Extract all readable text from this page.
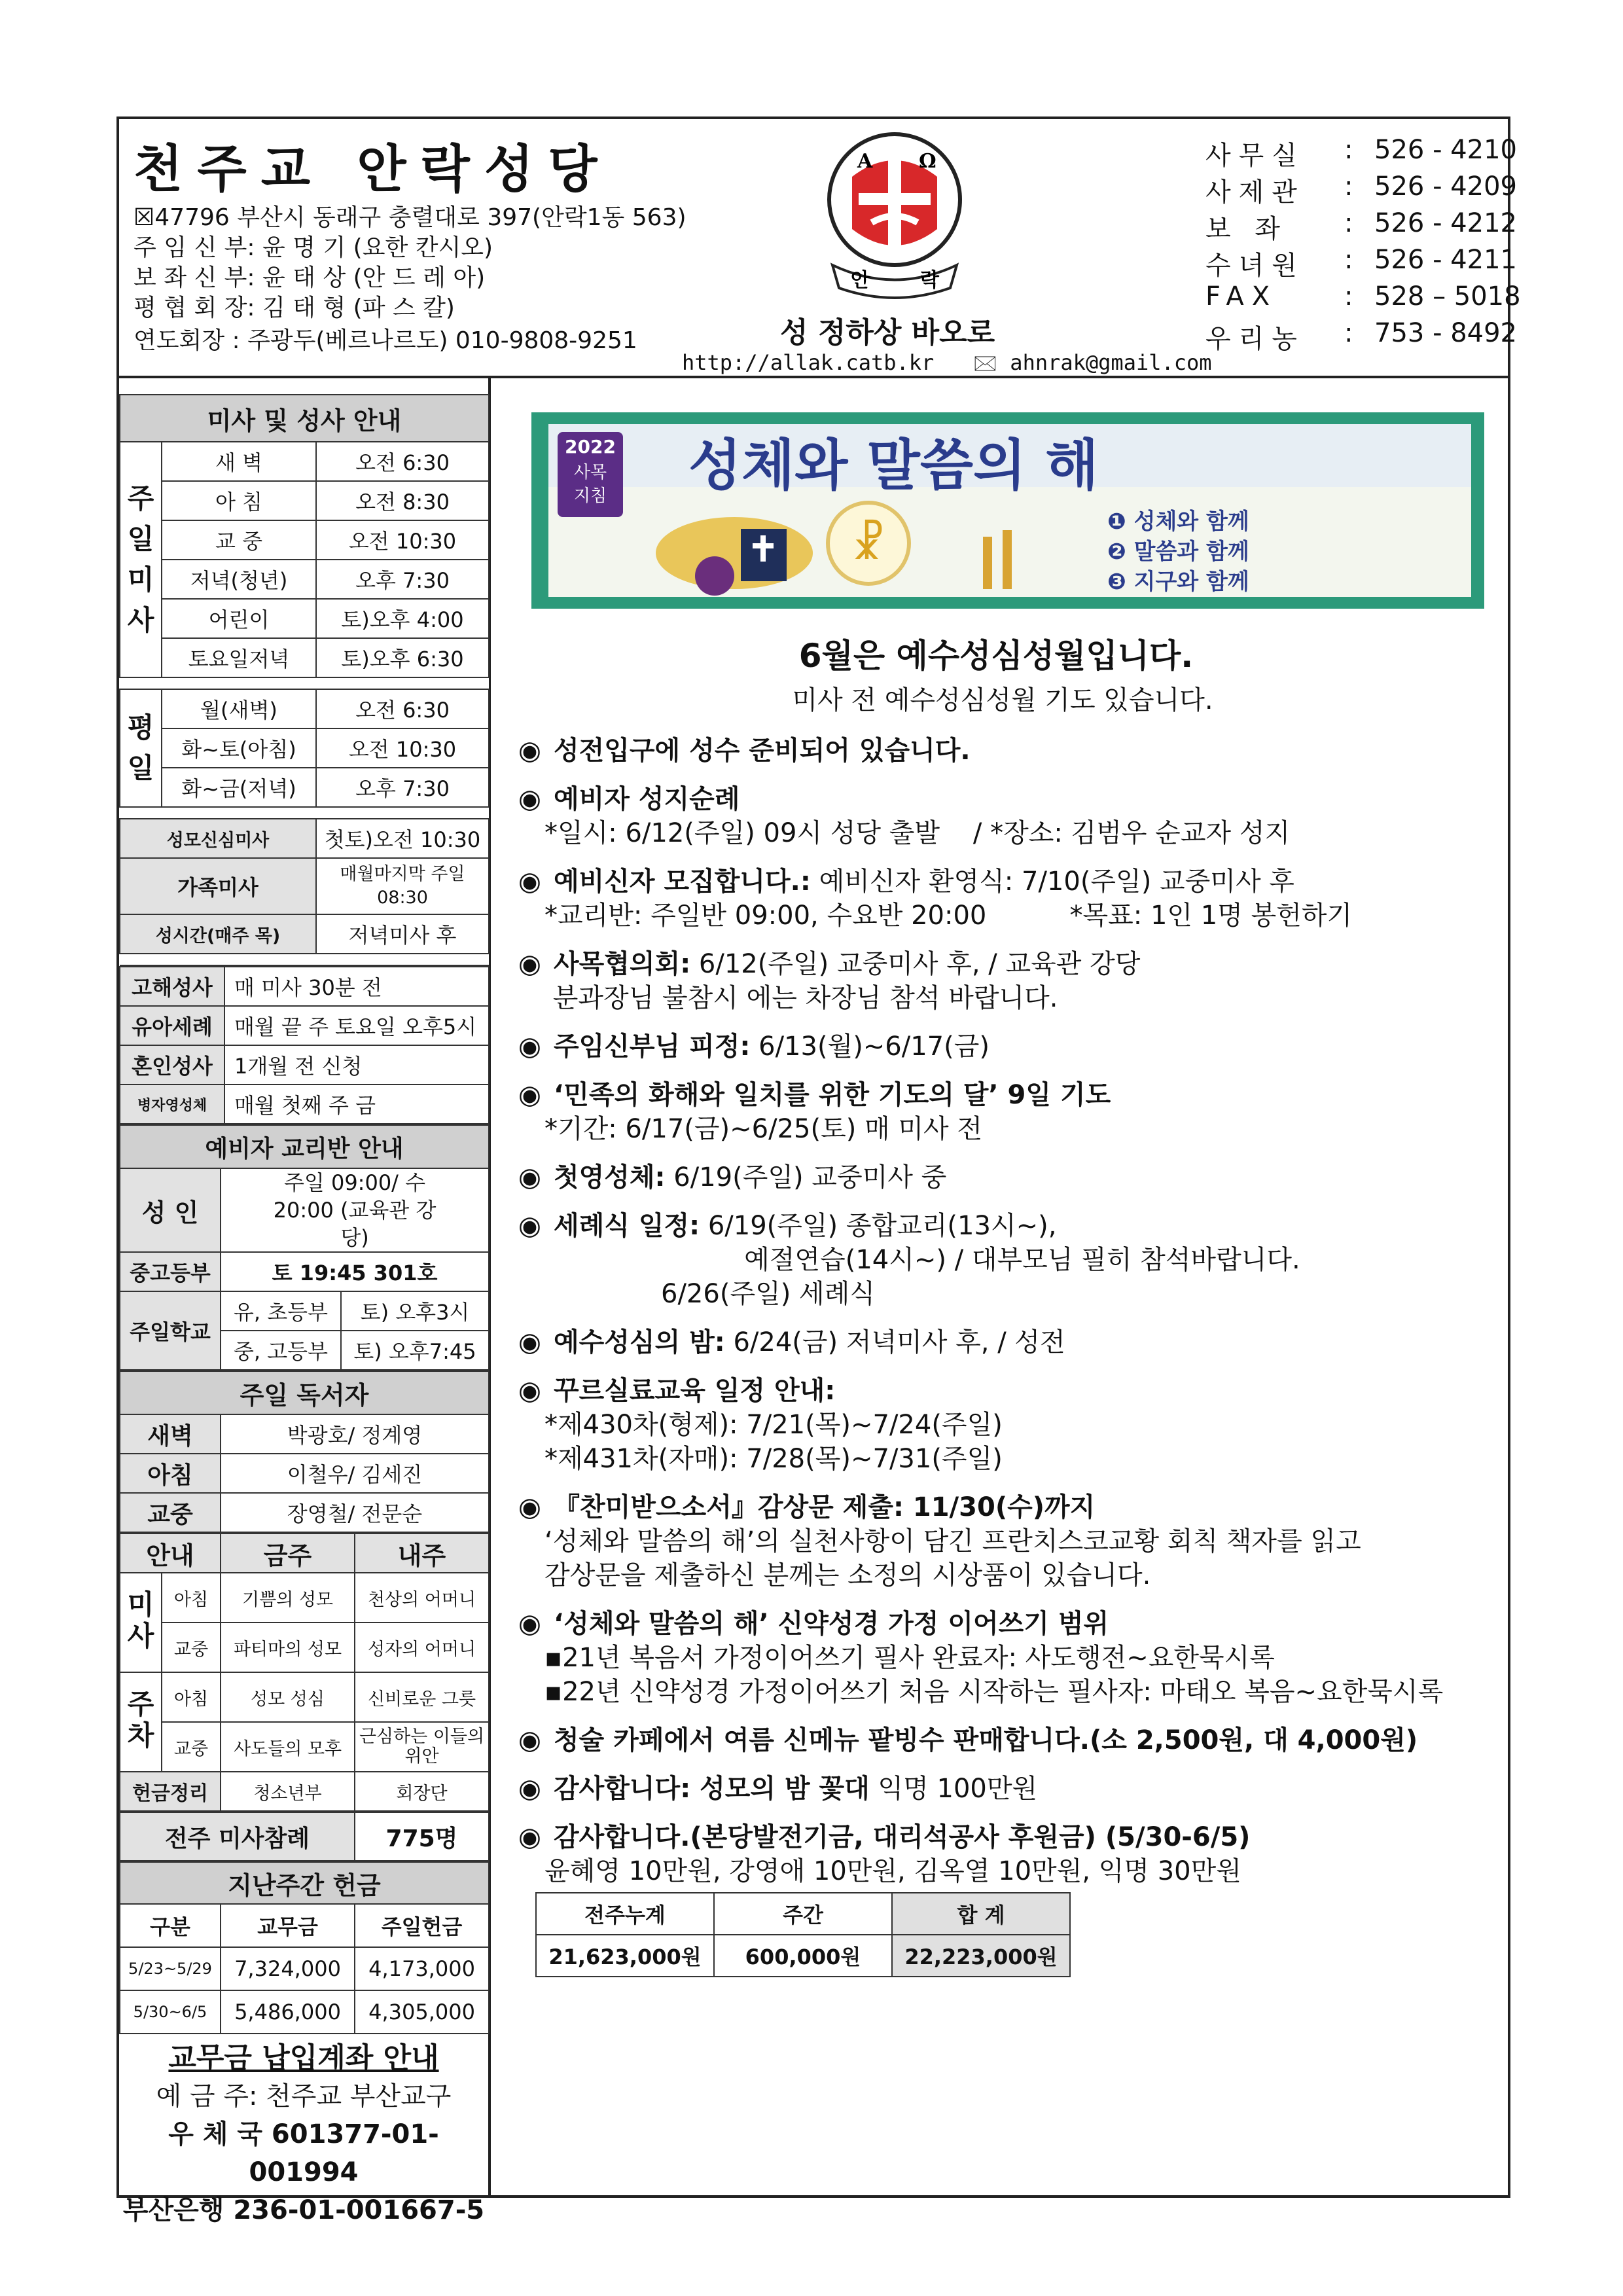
천주교 안락성당
☒47796 부산시 동래구 충렬대로 397(안락1동 563)
주 임 신 부: 윤 명 기 (요한 칸시오)
보 좌 신 부: 윤 태 상 (안 드 레 아)
평 협 회 장: 김 태 형 (파 스 칼)
연도회장 : 주광두(베르나르도) 010-9808-9251
A Ω
안	락
성 정하상 바오로
http://allak.catb.kr 🖂 ahnrak@gmail.com
사무실	: 526 - 4210
사제관	: 526 - 4209
보 좌	: 526 - 4212
수녀원	: 526 - 4211
FAX	: 528 – 5018
우리농	: 753 - 8492
미사 및 성사 안내		
주일미사	새 벽	오전 6:30
	아 침	오전 8:30
	교 중	오전 10:30
	저녁(청년)	오후 7:30
	어린이	토)오후 4:00
	토요일저녁	토)오후 6:30

평일	월(새벽)	오전 6:30
	화~토(아침)	오전 10:30
	화~금(저녁)	오후 7:30

성모신심미사		첫토)오전 10:30
가족미사		매월마지막 주일 08:30
성시간(매주 목)		저녁미사 후

고해성사	매 미사 30분 전
유아세례	매월 끝 주 토요일 오후5시
혼인성사	1개월 전 신청
병자영성체	매월 첫째 주 금
예비자 교리반 안내		
성 인	주일 09:00/ 수 20:00 (교육관 강당)	
중고등부	토 19:45 301호	
주일학교	유, 초등부	토) 오후3시
	중, 고등부	토) 오후7:45
주일 독서자	
새벽	박광호/ 정계영
아침	이철우/ 김세진
교중	장영철/ 전문순
안내		금주	내주
미사	아침	기쁨의 성모	천상의 어머니
	교중	파티마의 성모	성자의 어머니
주차	아침	성모 성심	신비로운 그릇
	교중	사도들의 모후	근심하는 이들의 위안
헌금정리		청소년부	회장단
전주 미사참례	775명
지난주간 헌금		
구분	교무금	주일헌금
5/23~5/29	7,324,000	4,173,000
5/30~6/5	5,486,000	4,305,000
교무금 납입계좌 안내
예 금 주: 천주교 부산교구
우 체 국 601377-01-001994
부산은행 236-01-001667-5
2022
사목
지침 성체와 말씀의 해
☧	❶ 성체와 함께
❷ 말씀과 함께
❸ 지구와 함께
6월은 예수성심성월입니다.
미사 전 예수성심성월 기도 있습니다.
◉ 성전입구에 성수 준비되어 있습니다.
◉ 예비자 성지순례
*일시: 6/12(주일) 09시 성당 출발    / *장소: 김범우 순교자 성지
◉ 예비신자 모집합니다.: 예비신자 환영식: 7/10(주일) 교중미사 후
*교리반: 주일반 09:00, 수요반 20:00          *목표: 1인 1명 봉헌하기
◉ 사목협의회: 6/12(주일) 교중미사 후, / 교육관 강당
분과장님 불참시 에는 차장님 참석 바랍니다.
◉ 주임신부님 피정: 6/13(월)~6/17(금)
◉ ‘민족의 화해와 일치를 위한 기도의 달’ 9일 기도
*기간: 6/17(금)~6/25(토) 매 미사 전
◉ 첫영성체: 6/19(주일) 교중미사 중
◉ 세례식 일정: 6/19(주일) 종합교리(13시~),
예절연습(14시~) / 대부모님 필히 참석바랍니다.
6/26(주일) 세례식
◉ 예수성심의 밤: 6/24(금) 저녁미사 후, / 성전
◉ 꾸르실료교육 일정 안내:
*제430차(형제): 7/21(목)~7/24(주일)
*제431차(자매): 7/28(목)~7/31(주일)
◉ 『찬미받으소서』감상문 제출: 11/30(수)까지
‘성체와 말씀의 해’의 실천사항이 담긴 프란치스코교황 회칙 책자를 읽고
감상문을 제출하신 분께는 소정의 시상품이 있습니다.
◉ ‘성체와 말씀의 해’ 신약성경 가정 이어쓰기 범위
▪21년 복음서 가정이어쓰기 필사 완료자: 사도행전~요한묵시록
▪22년 신약성경 가정이어쓰기 처음 시작하는 필사자: 마태오 복음~요한묵시록
◉ 청술 카페에서 여름 신메뉴 팥빙수 판매합니다.(소 2,500원, 대 4,000원)
◉ 감사합니다: 성모의 밤 꽃대 익명 100만원
◉ 감사합니다.(본당발전기금, 대리석공사 후원금) (5/30-6/5)
윤혜영 10만원, 강영애 10만원, 김옥열 10만원, 익명 30만원
전주누계	주간	합 계
21,623,000원	600,000원	22,223,000원
